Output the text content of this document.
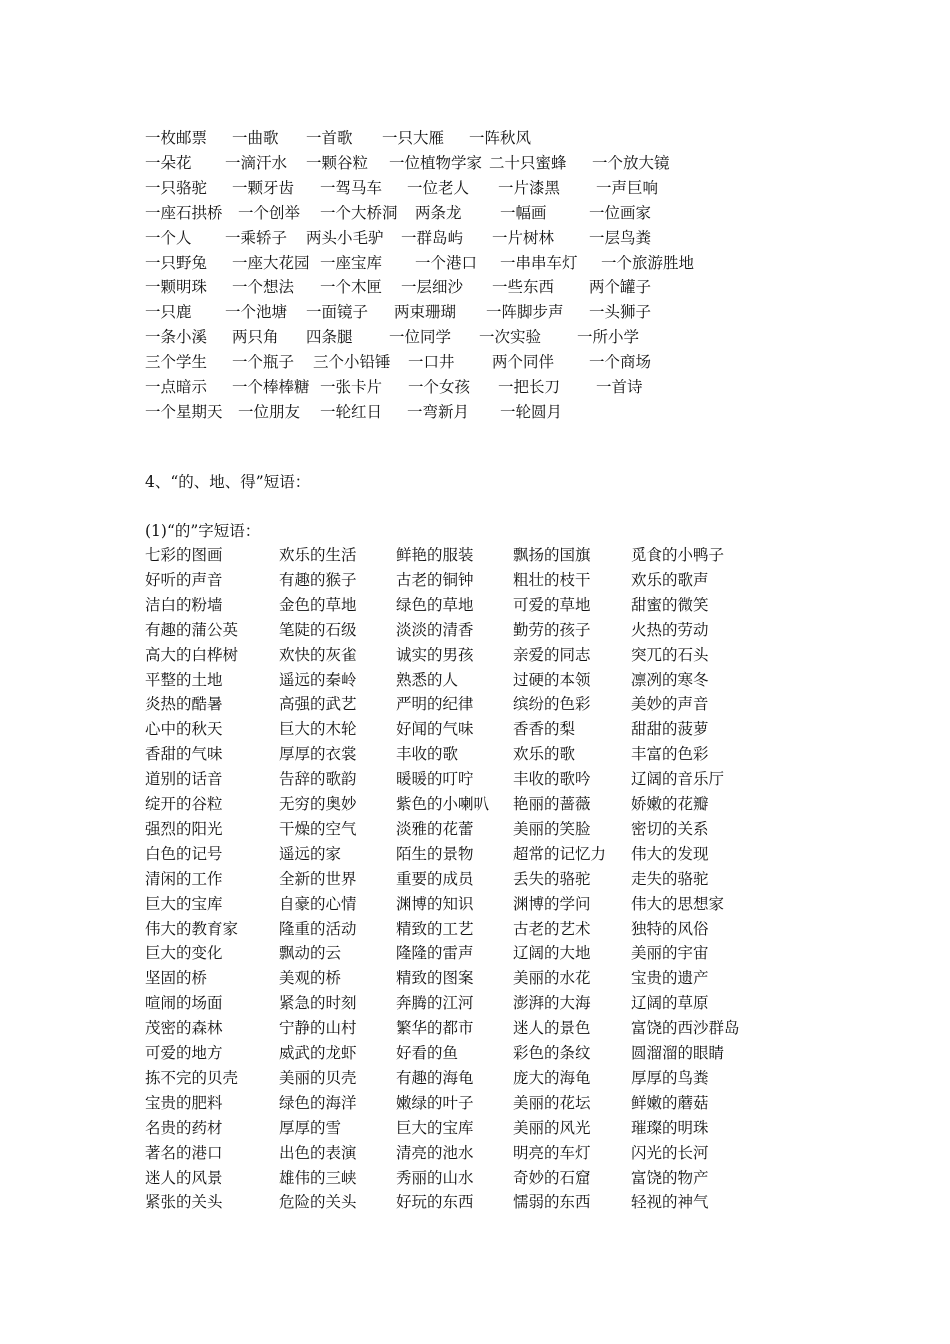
一枚邮票 一曲歌 一首歌 一只大雁 一阵秋风
一朵花 一滴汗水 一颗谷粒 一位植物学家 二十只蜜蜂 一个放大镜
一只骆驼 一颗牙齿 一驾马车 一位老人 一片漆黑 一声巨响
一座石拱桥 一个创举 一个大桥洞 两条龙 一幅画	一位画家
一个人 一乘轿子 两头小毛驴 一群岛屿 一片树林 一层鸟粪
一只野兔 一座大花园 一座宝库 一个港口 一串串车灯 一个旅游胜地
一颗明珠 一个想法 一个木匣 一层细沙 一些东西 两个罐子
一只鹿 一个池塘 一面镜子 两束珊瑚 一阵脚步声 一头狮子
一条小溪 两只角 四条腿 一位同学 一次实验 一所小学
三个学生 一个瓶子 三个小铅锤 一口井 两个同伴 一个商场
一点暗示 一个棒棒糖 一张卡片 一个女孩 一把长刀 一首诗
一个星期天 一位朋友 一轮红日 一弯新月 一轮圆月
4、“的、地、得”短语：
(1)“的”字短语：
七彩的图画	欢乐的生活	鲜艳的服装	飘扬的国旗	觅食的小鸭子
好听的声音	有趣的猴子	古老的铜钟	粗壮的枝干	欢乐的歌声
洁白的粉墙	金色的草地	绿色的草地	可爱的草地	甜蜜的微笑
有趣的蒲公英	笔陡的石级	淡淡的清香	勤劳的孩子	火热的劳动
高大的白桦树	欢快的灰雀	诚实的男孩	亲爱的同志	突兀的石头
平整的土地	遥远的秦岭	熟悉的人	过硬的本领	凛冽的寒冬
炎热的酷暑	高强的武艺	严明的纪律	缤纷的色彩	美妙的声音
心中的秋天	巨大的木轮	好闻的气味	香香的梨	甜甜的菠萝
香甜的气味	厚厚的衣裳	丰收的歌	欢乐的歌	丰富的色彩
道别的话音	告辞的歌韵	暖暖的叮咛	丰收的歌吟	辽阔的音乐厅
绽开的谷粒	无穷的奥妙	紫色的小喇叭 艳丽的蔷薇	娇嫩的花瓣
强烈的阳光	干燥的空气	淡雅的花蕾	美丽的笑脸	密切的关系
白色的记号	遥远的家	陌生的景物	超常的记忆力 伟大的发现
清闲的工作	全新的世界	重要的成员	丢失的骆驼	走失的骆驼
巨大的宝库	自豪的心情	渊博的知识	渊博的学问	伟大的思想家
伟大的教育家	隆重的活动	精致的工艺	古老的艺术	独特的风俗
巨大的变化	飘动的云	隆隆的雷声	辽阔的大地	美丽的宇宙
坚固的桥	美观的桥	精致的图案	美丽的水花	宝贵的遗产
喧闹的场面	紧急的时刻	奔腾的江河	澎湃的大海	辽阔的草原
茂密的森林	宁静的山村	繁华的都市	迷人的景色	富饶的西沙群岛
可爱的地方	威武的龙虾	好看的鱼	彩色的条纹	圆溜溜的眼睛
拣不完的贝壳	美丽的贝壳	有趣的海龟	庞大的海龟	厚厚的鸟粪
宝贵的肥料	绿色的海洋	嫩绿的叶子	美丽的花坛	鲜嫩的蘑菇
名贵的药材	厚厚的雪	巨大的宝库	美丽的风光	璀璨的明珠
著名的港口	出色的表演	清亮的池水	明亮的车灯	闪光的长河
迷人的风景	雄伟的三峡	秀丽的山水	奇妙的石窟	富饶的物产
紧张的关头	危险的关头	好玩的东西	懦弱的东西	轻视的神气
